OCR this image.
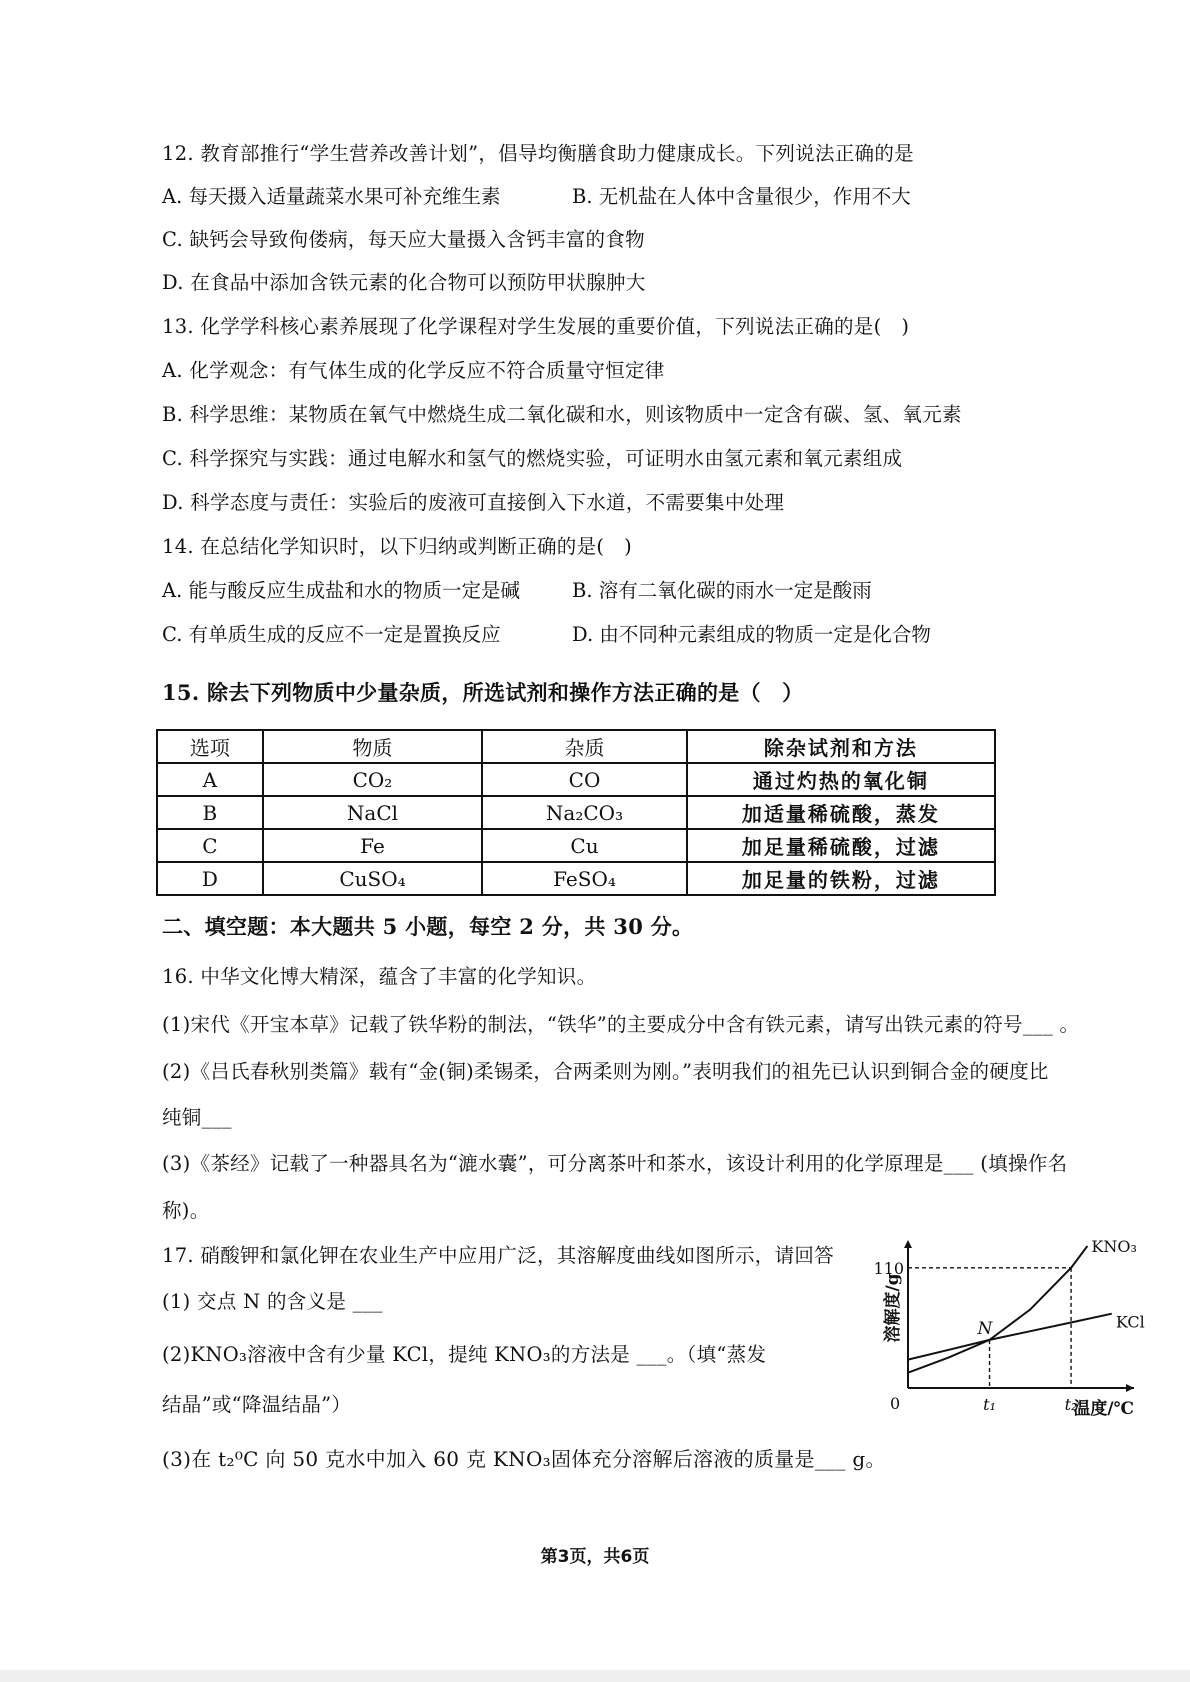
12. 教育部推行“学生营养改善计划”，倡导均衡膳食助力健康成长。下列说法正确的是
A. 每天摄入适量蔬菜水果可补充维生素	B. 无机盐在人体中含量很少，作用不大
C. 缺钙会导致佝偻病，每天应大量摄入含钙丰富的食物
D. 在食品中添加含铁元素的化合物可以预防甲状腺肿大
13. 化学学科核心素养展现了化学课程对学生发展的重要价值，下列说法正确的是(　)
A. 化学观念：有气体生成的化学反应不符合质量守恒定律
B. 科学思维：某物质在氧气中燃烧生成二氧化碳和水，则该物质中一定含有碳、氢、氧元素
C. 科学探究与实践：通过电解水和氢气的燃烧实验，可证明水由氢元素和氧元素组成
D. 科学态度与责任：实验后的废液可直接倒入下水道，不需要集中处理
14. 在总结化学知识时，以下归纳或判断正确的是(　)
A. 能与酸反应生成盐和水的物质一定是碱	B. 溶有二氧化碳的雨水一定是酸雨
C. 有单质生成的反应不一定是置换反应	D. 由不同种元素组成的物质一定是化合物
15. 除去下列物质中少量杂质，所选试剂和操作方法正确的是（　）
选项	物质	杂质	除杂试剂和方法
A	CO₂	CO	通过灼热的氧化铜
B	NaCl	Na₂CO₃	加适量稀硫酸，蒸发
C	Fe	Cu	加足量稀硫酸，过滤
D	CuSO₄	FeSO₄	加足量的铁粉，过滤
二、填空题：本大题共 5 小题，每空 2 分，共 30 分。
16. 中华文化博大精深，蕴含了丰富的化学知识。
(1)宋代《开宝本草》记载了铁华粉的制法，“铁华”的主要成分中含有铁元素，请写出铁元素的符号___ 。
(2)《吕氏春秋别类篇》载有“金(铜)柔锡柔，合两柔则为刚。”表明我们的祖先已认识到铜合金的硬度比
纯铜___
(3)《茶经》记载了一种器具名为“漉水囊”，可分离茶叶和茶水，该设计利用的化学原理是___ (填操作名
称)。
17. 硝酸钾和氯化钾在农业生产中应用广泛，其溶解度曲线如图所示，请回答
(1) 交点 N 的含义是 ___
(2)KNO₃溶液中含有少量 KCl，提纯 KNO₃的方法是 ___。（填“蒸发
结晶”或“降温结晶”）
(3)在 t₂⁰C 向 50 克水中加入 60 克 KNO₃固体充分溶解后溶液的质量是___ g。
溶解度/g
温度/℃
0
KNO₃
KCl
110
t₁	t₂
N
第3页，共6页
